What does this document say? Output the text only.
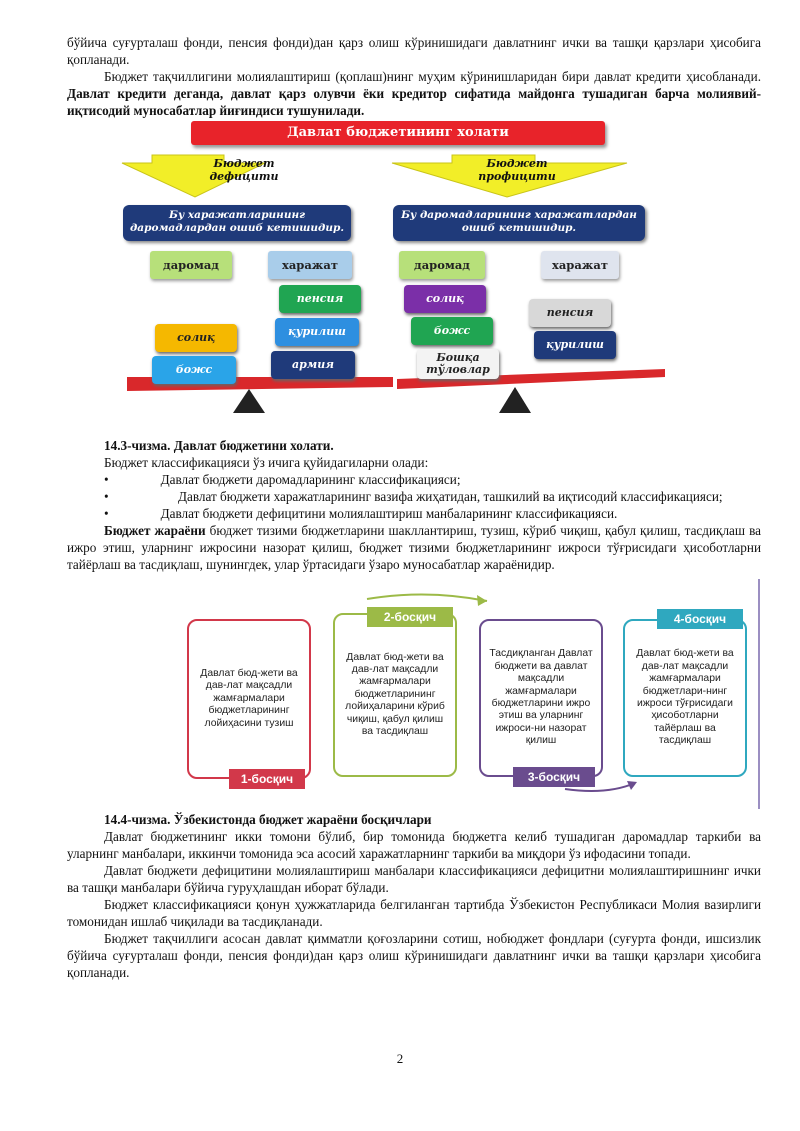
бўйича суғурталаш фонди, пенсия фонди)дан қарз олиш кўринишидаги давлатнинг ички ва ташқи қарзлари ҳисобига қопланади.

Бюджет тақчиллигини молиялаштириш (қоплаш)нинг муҳим кўринишларидан бири давлат кредити ҳисобланади. Давлат кредити деганда, давлат қарз олувчи ёки кредитор сифатида майдонга тушадиган барча молиявий-иқтисодий муносабатлар йиғиндиси тушунилади.

Давлат бюджетининг холати
Бюджет дефицити
Бюджет профицити
Бу харажатларининг даромадлардан ошиб кетишидир.
Бу даромадларининг харажатлардан ошиб кетишидир.
даромад	харажат	даромад	харажат
солиқ
божс
пенсия
қурилиш
армия
солиқ
божс
Бошқа тўловлар
пенсия
қурилиш

14.3-чизма. Давлат бюджетини холати.

Бюджет классификацияси ўз ичига қуйидагиларни олади:

•	Давлат бюджети даромадларининг классификацияси;
•	Давлат бюджети харажатларининг вазифа жиҳатидан, ташкилий ва иқтисодий классификацияси;

•	Давлат бюджети дефицитини молиялаштириш манбаларининг классификацияси.

Бюджет жараёни бюджет тизими бюджетларини шакллантириш, тузиш, кўриб чиқиш, қабул қилиш, тасдиқлаш ва ижро этиш, уларнинг ижросини назорат қилиш, бюджет тизими бюджетларининг ижроси тўғрисидаги ҳисоботларни тайёрлаш ва тасдиқлаш, шунингдек, улар ўртасидаги ўзаро муносабатлар жараёнидир.

Давлат бюд-жети ва дав-лат мақсадли жамғармалари бюджетларининг лойиҳасини тузиш
1-босқич
Давлат бюд-жети ва дав-лат мақсадли жамғармалари бюджетларининг лойиҳаларини кўриб чиқиш, қабул қилиш ва тасдиқлаш
2-босқич
Тасдиқланган Давлат бюджети ва давлат мақсадли жамғармалари бюджетларини ижро этиш ва уларнинг ижроси-ни назорат қилиш
3-босқич
Давлат бюд-жети ва дав-лат мақсадли жамғармалари бюджетлари-нинг ижроси тўғрисидаги ҳисоботларни тайёрлаш ва тасдиқлаш
4-босқич

14.4-чизма. Ўзбекистонда бюджет жараёни босқичлари

Давлат бюджетининг икки томони бўлиб, бир томонида бюджетга келиб тушадиган даромадлар таркиби ва уларнинг манбалари, иккинчи томонида эса асосий харажатларнинг таркиби ва миқдори ўз ифодасини топади.

Давлат бюджети дефицитини молиялаштириш манбалари классификацияси дефицитни молиялаштиришнинг ички ва ташқи манбалари бўйича гуруҳлашдан иборат бўлади.

Бюджет классификацияси қонун ҳужжатларида белгиланган тартибда Ўзбекистон Республикаси Молия вазирлиги томонидан ишлаб чиқилади ва тасдиқланади.

Бюджет тақчиллиги асосан давлат қимматли қоғозларини сотиш, нобюджет фондлари (суғурта фонди, ишсизлик бўйича суғурталаш фонди, пенсия фонди)дан қарз олиш кўринишидаги давлатнинг ички ва ташқи қарзлари ҳисобига қопланади.

2
